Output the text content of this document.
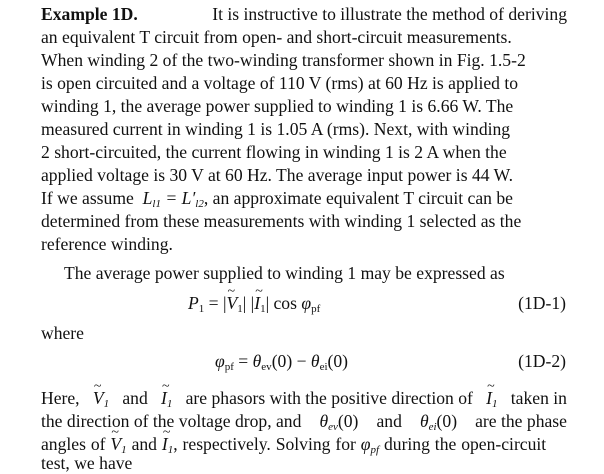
Example 1D.	It is instructive to illustrate the method of deriving
an equivalent T circuit from open- and short-circuit measurements.
When winding 2 of the two-winding transformer shown in Fig. 1.5-2
is open circuited and a voltage of 110 V (rms) at 60 Hz is applied to
winding 1, the average power supplied to winding 1 is 6.66 W. The
measured current in winding 1 is 1.05 A (rms). Next, with winding
2 short-circuited, the current flowing in winding 1 is 2 A when the
applied voltage is 30 V at 60 Hz. The average input power is 44 W.
If we assume  $L_{l1} = L'_{l2}$, an approximate equivalent T circuit can be
determined from these measurements with winding 1 selected as the
reference winding.
The average power supplied to winding 1 may be expressed as
$P_1$ = |~ $V_1|$ |~ $I_1|$ $\cos \varphi_{pf}$	(1D-1)
where
$\varphi_{pf} = \theta_{ev}(0) - \theta_{ei}(0)$	(1D-2)
Here, ~ $V_1$ and ~ $I_1$ are phasors with the positive direction of ~ $I_1$ taken in
the direction of the voltage drop, and $\theta_{ev}(0)$ and $\theta_{ei}(0)$ are the phase
angles of ~ $V_1$ and ~ $I_1$, respectively. Solving for $\varphi_{pf}$ during the open-circuit
test, we have
